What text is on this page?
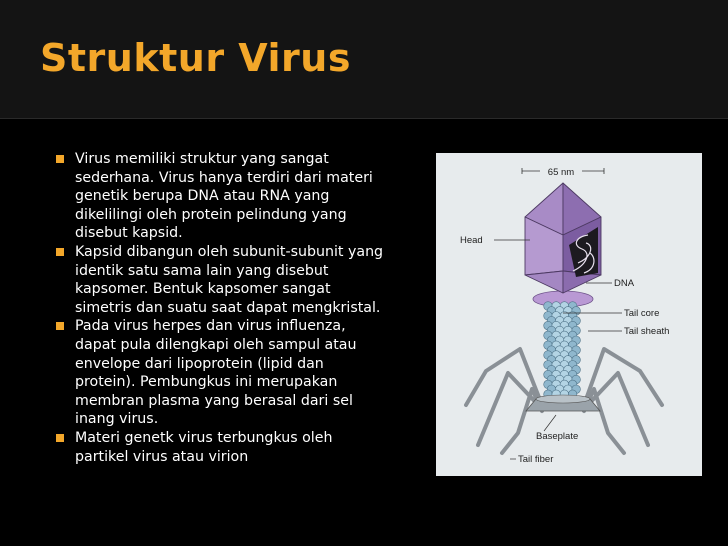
Struktur Virus
Virus memiliki struktur yang sangat sederhana. Virus hanya terdiri dari materi genetik berupa DNA atau RNA yang dikelilingi oleh protein pelindung yang disebut kapsid.
Kapsid dibangun oleh subunit-subunit yang identik satu sama lain yang disebut kapsomer. Bentuk kapsomer sangat simetris dan suatu saat dapat mengkristal.
Pada virus herpes dan virus influenza, dapat pula dilengkapi oleh sampul atau envelope dari lipoprotein (lipid dan protein). Pembungkus ini merupakan membran plasma yang berasal dari sel inang virus.
Materi genetk virus terbungkus oleh partikel virus atau virion
65 nm
Head
DNA
Tail core
Tail sheath
Baseplate
Tail fiber
